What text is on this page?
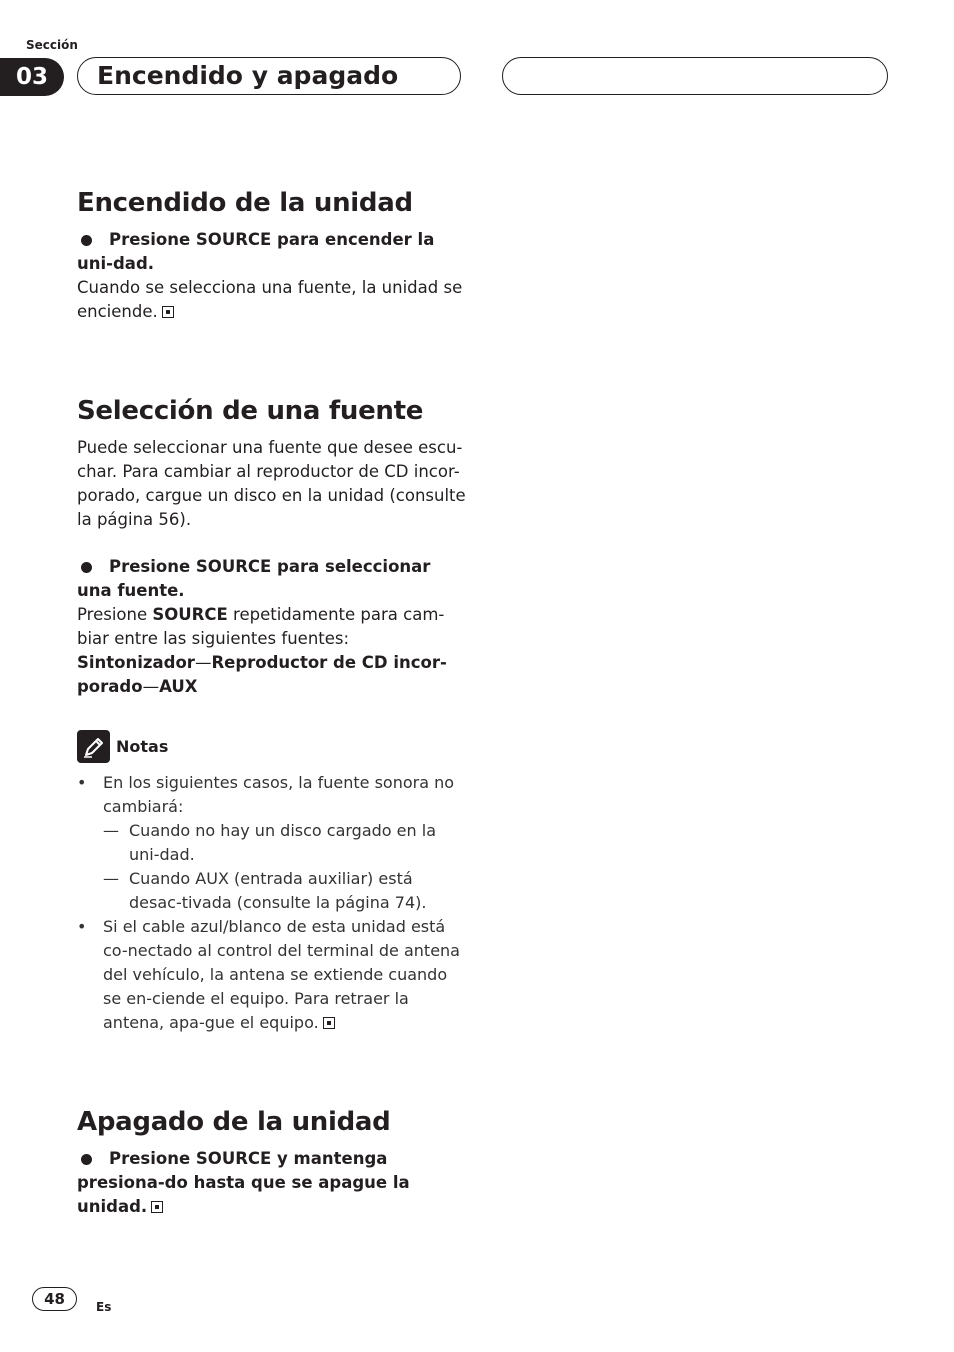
Sección
03	Encendido y apagado
Encendido de la unidad

Presione SOURCE para encender la uni-dad.

Cuando se selecciona una fuente, la unidad se enciende.

Selección de una fuente

Puede seleccionar una fuente que desee escu-char. Para cambiar al reproductor de CD incor-porado, cargue un disco en la unidad (consulte la página 56).

Presione SOURCE para seleccionar una fuente.

Presione SOURCE repetidamente para cam-biar entre las siguientes fuentes:

Sintonizador—Reproductor de CD incor-porado—AUX

Notas
•	En los siguientes casos, la fuente sonora no cambiará:
— Cuando no hay un disco cargado en la uni-dad.
— Cuando AUX (entrada auxiliar) está desac-tivada (consulte la página 74).
•	Si el cable azul/blanco de esta unidad está co-nectado al control del terminal de antena del vehículo, la antena se extiende cuando se en-ciende el equipo. Para retraer la antena, apa-gue el equipo.
Apagado de la unidad

Presione SOURCE y mantenga presiona-do hasta que se apague la unidad.

48	Es
